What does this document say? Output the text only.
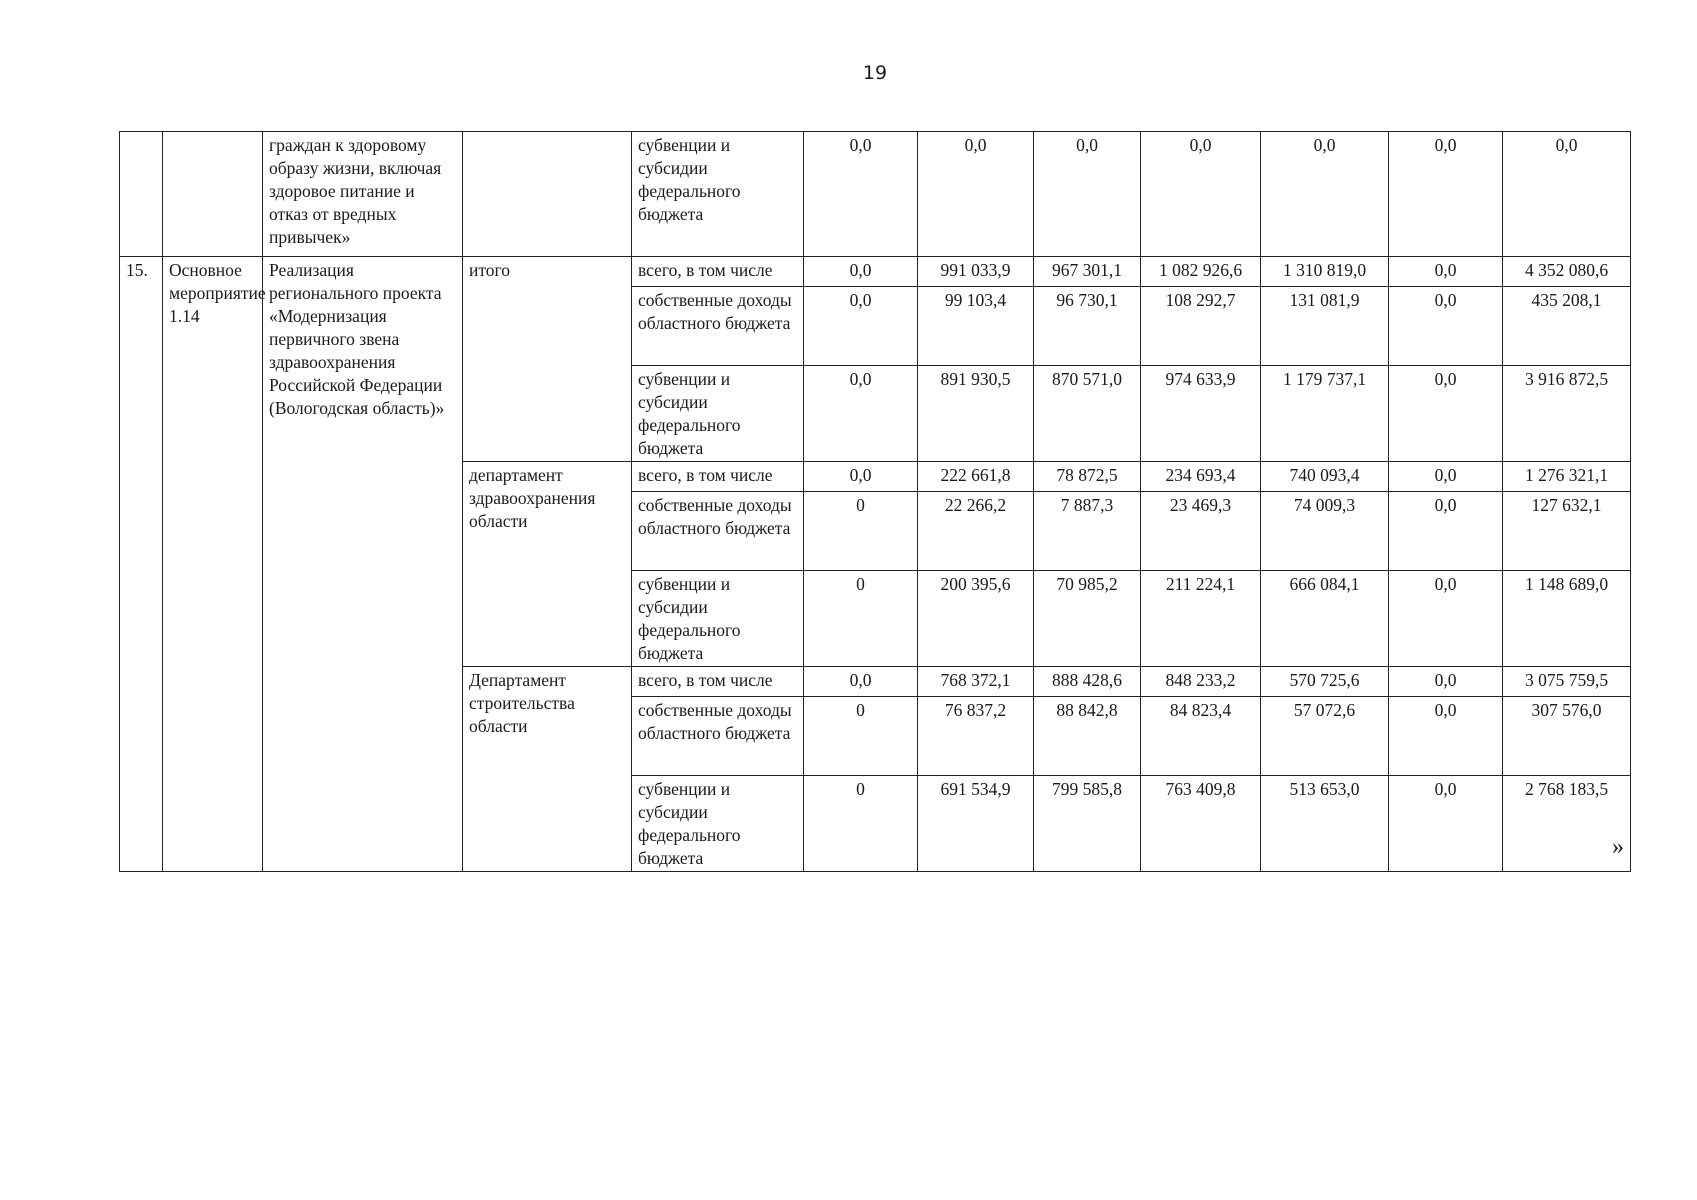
19
		граждан к здоровому образу жизни, включая здоровое питание и отказ от вредных привычек»		субвенции и субсидии федерального бюджета	0,0	0,0	0,0	0,0	0,0	0,0	0,0
15.	Основное мероприятие 1.14	Реализация регионального проекта «Модернизация первичного звена здравоохранения Российской Федерации (Вологодская область)»	итого	всего, в том числе	0,0	991 033,9	967 301,1	1 082 926,6	1 310 819,0	0,0	4 352 080,6
				собственные доходы областного бюджета	0,0	99 103,4	96 730,1	108 292,7	131 081,9	0,0	435 208,1
				субвенции и субсидии федерального бюджета	0,0	891 930,5	870 571,0	974 633,9	1 179 737,1	0,0	3 916 872,5
			департамент здравоохранения области	всего, в том числе	0,0	222 661,8	78 872,5	234 693,4	740 093,4	0,0	1 276 321,1
				собственные доходы областного бюджета	0	22 266,2	7 887,3	23 469,3	74 009,3	0,0	127 632,1
				субвенции и субсидии федерального бюджета	0	200 395,6	70 985,2	211 224,1	666 084,1	0,0	1 148 689,0
			Департамент строительства области	всего, в том числе	0,0	768 372,1	888 428,6	848 233,2	570 725,6	0,0	3 075 759,5
				собственные доходы областного бюджета	0	76 837,2	88 842,8	84 823,4	57 072,6	0,0	307 576,0
				субвенции и субсидии федерального бюджета	0	691 534,9	799 585,8	763 409,8	513 653,0	0,0	2 768 183,5
»
